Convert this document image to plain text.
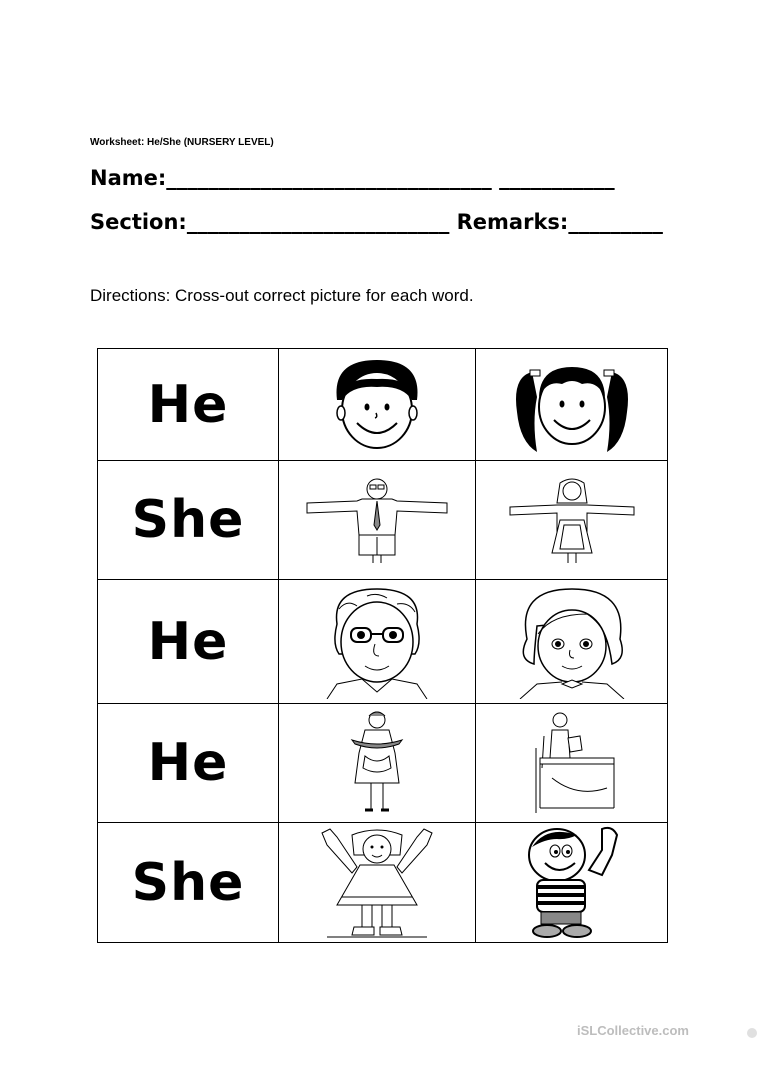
Worksheet: He/She (NURSERY LEVEL)
Name:_______________________________ ___________
Section:_________________________ Remarks:_________
Directions: Cross-out correct picture for each word.
He	

She	

He	

He	

She	

iSLCollective.com
